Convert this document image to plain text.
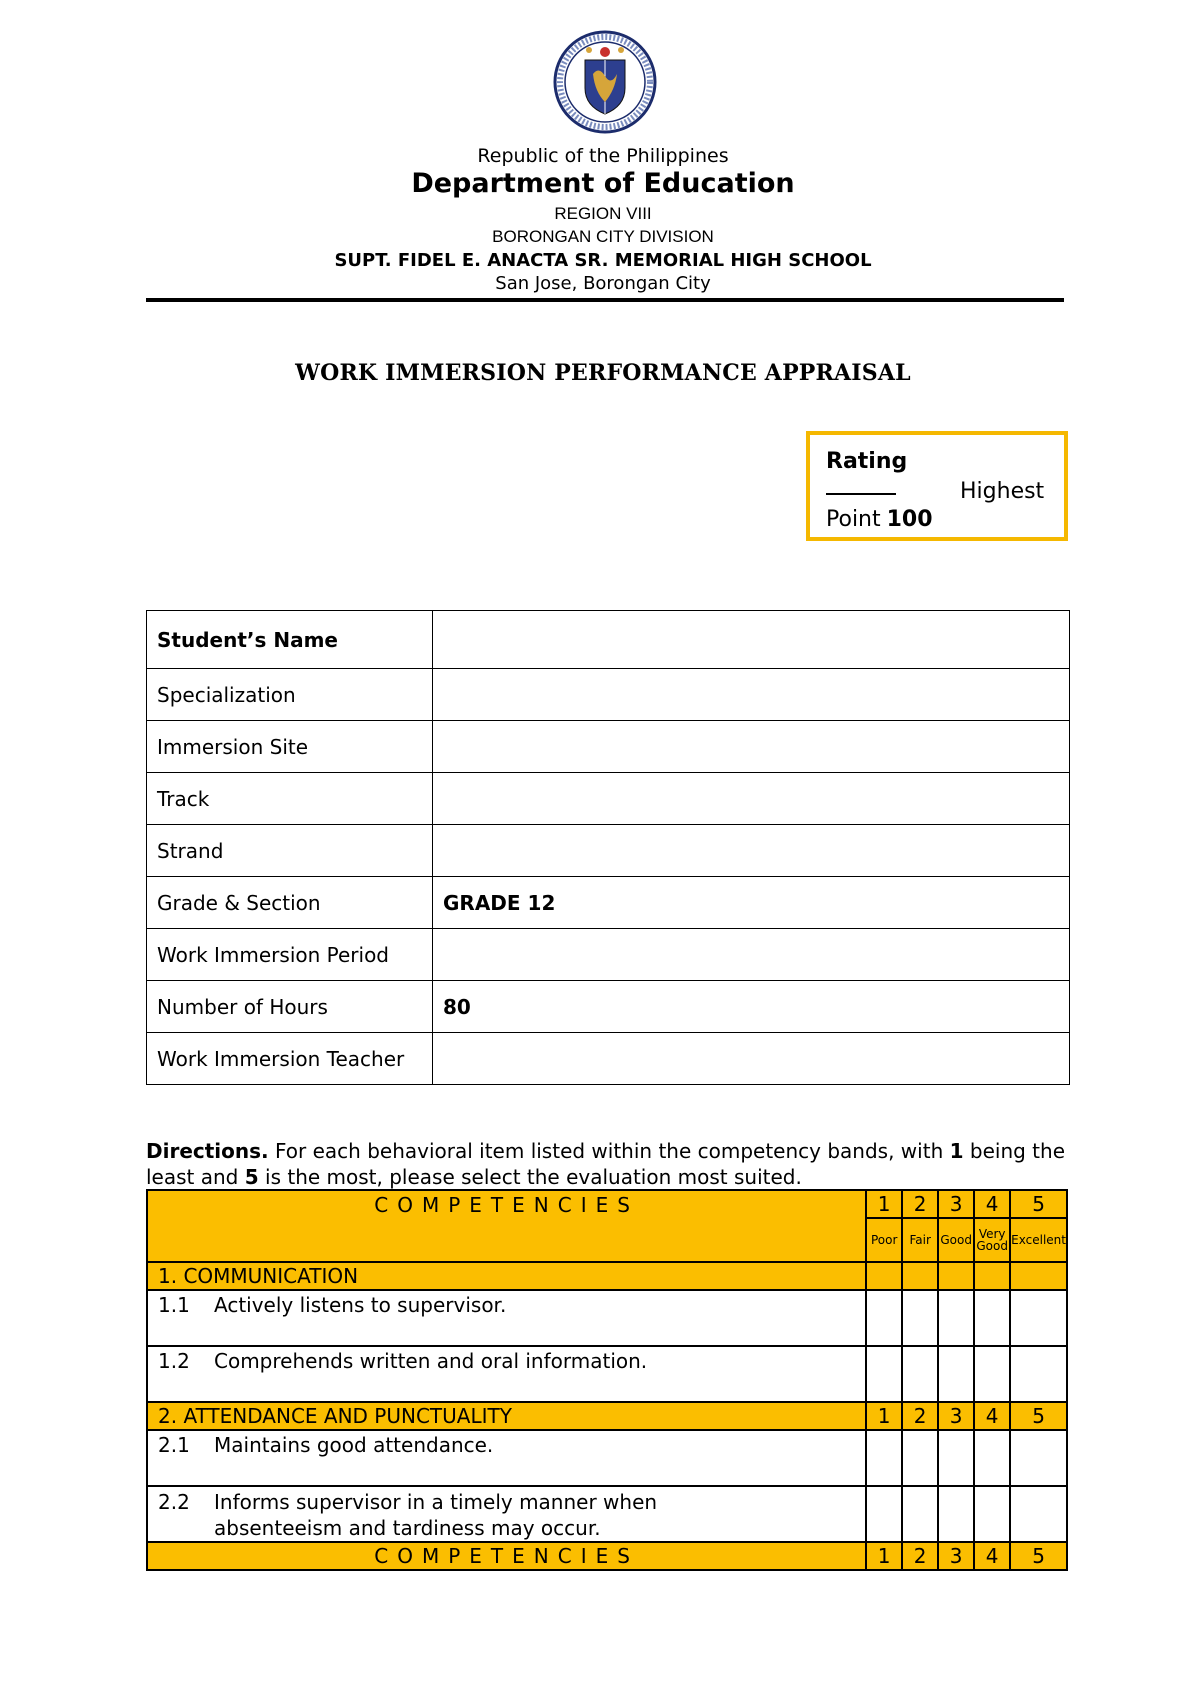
Republic of the Philippines
Department of Education
REGION VIII
BORONGAN CITY DIVISION
SUPT. FIDEL E. ANACTA SR. MEMORIAL HIGH SCHOOL
San Jose, Borongan City
WORK IMMERSION PERFORMANCE APPRAISAL
Rating
Highest
Point 100
Student’s Name	
Specialization	
Immersion Site	
Track	
Strand	
Grade & Section	GRADE 12
Work Immersion Period	
Number of Hours	80
Work Immersion Teacher	
Directions. For each behavioral item listed within the competency bands, with 1 being the least and 5 is the most, please select the evaluation most suited.
COMPETENCIES	1	2	3	4	5
	Poor	Fair	Good	Very Good	Excellent
1. COMMUNICATION					
1.1 Actively listens to supervisor.					
1.2 Comprehends written and oral information.					
2. ATTENDANCE AND PUNCTUALITY	1	2	3	4	5
2.1 Maintains good attendance.					
2.2 Informs supervisor in a timely manner when
absenteeism and tardiness may occur.					

COMPETENCIES	1	2	3	4	5
